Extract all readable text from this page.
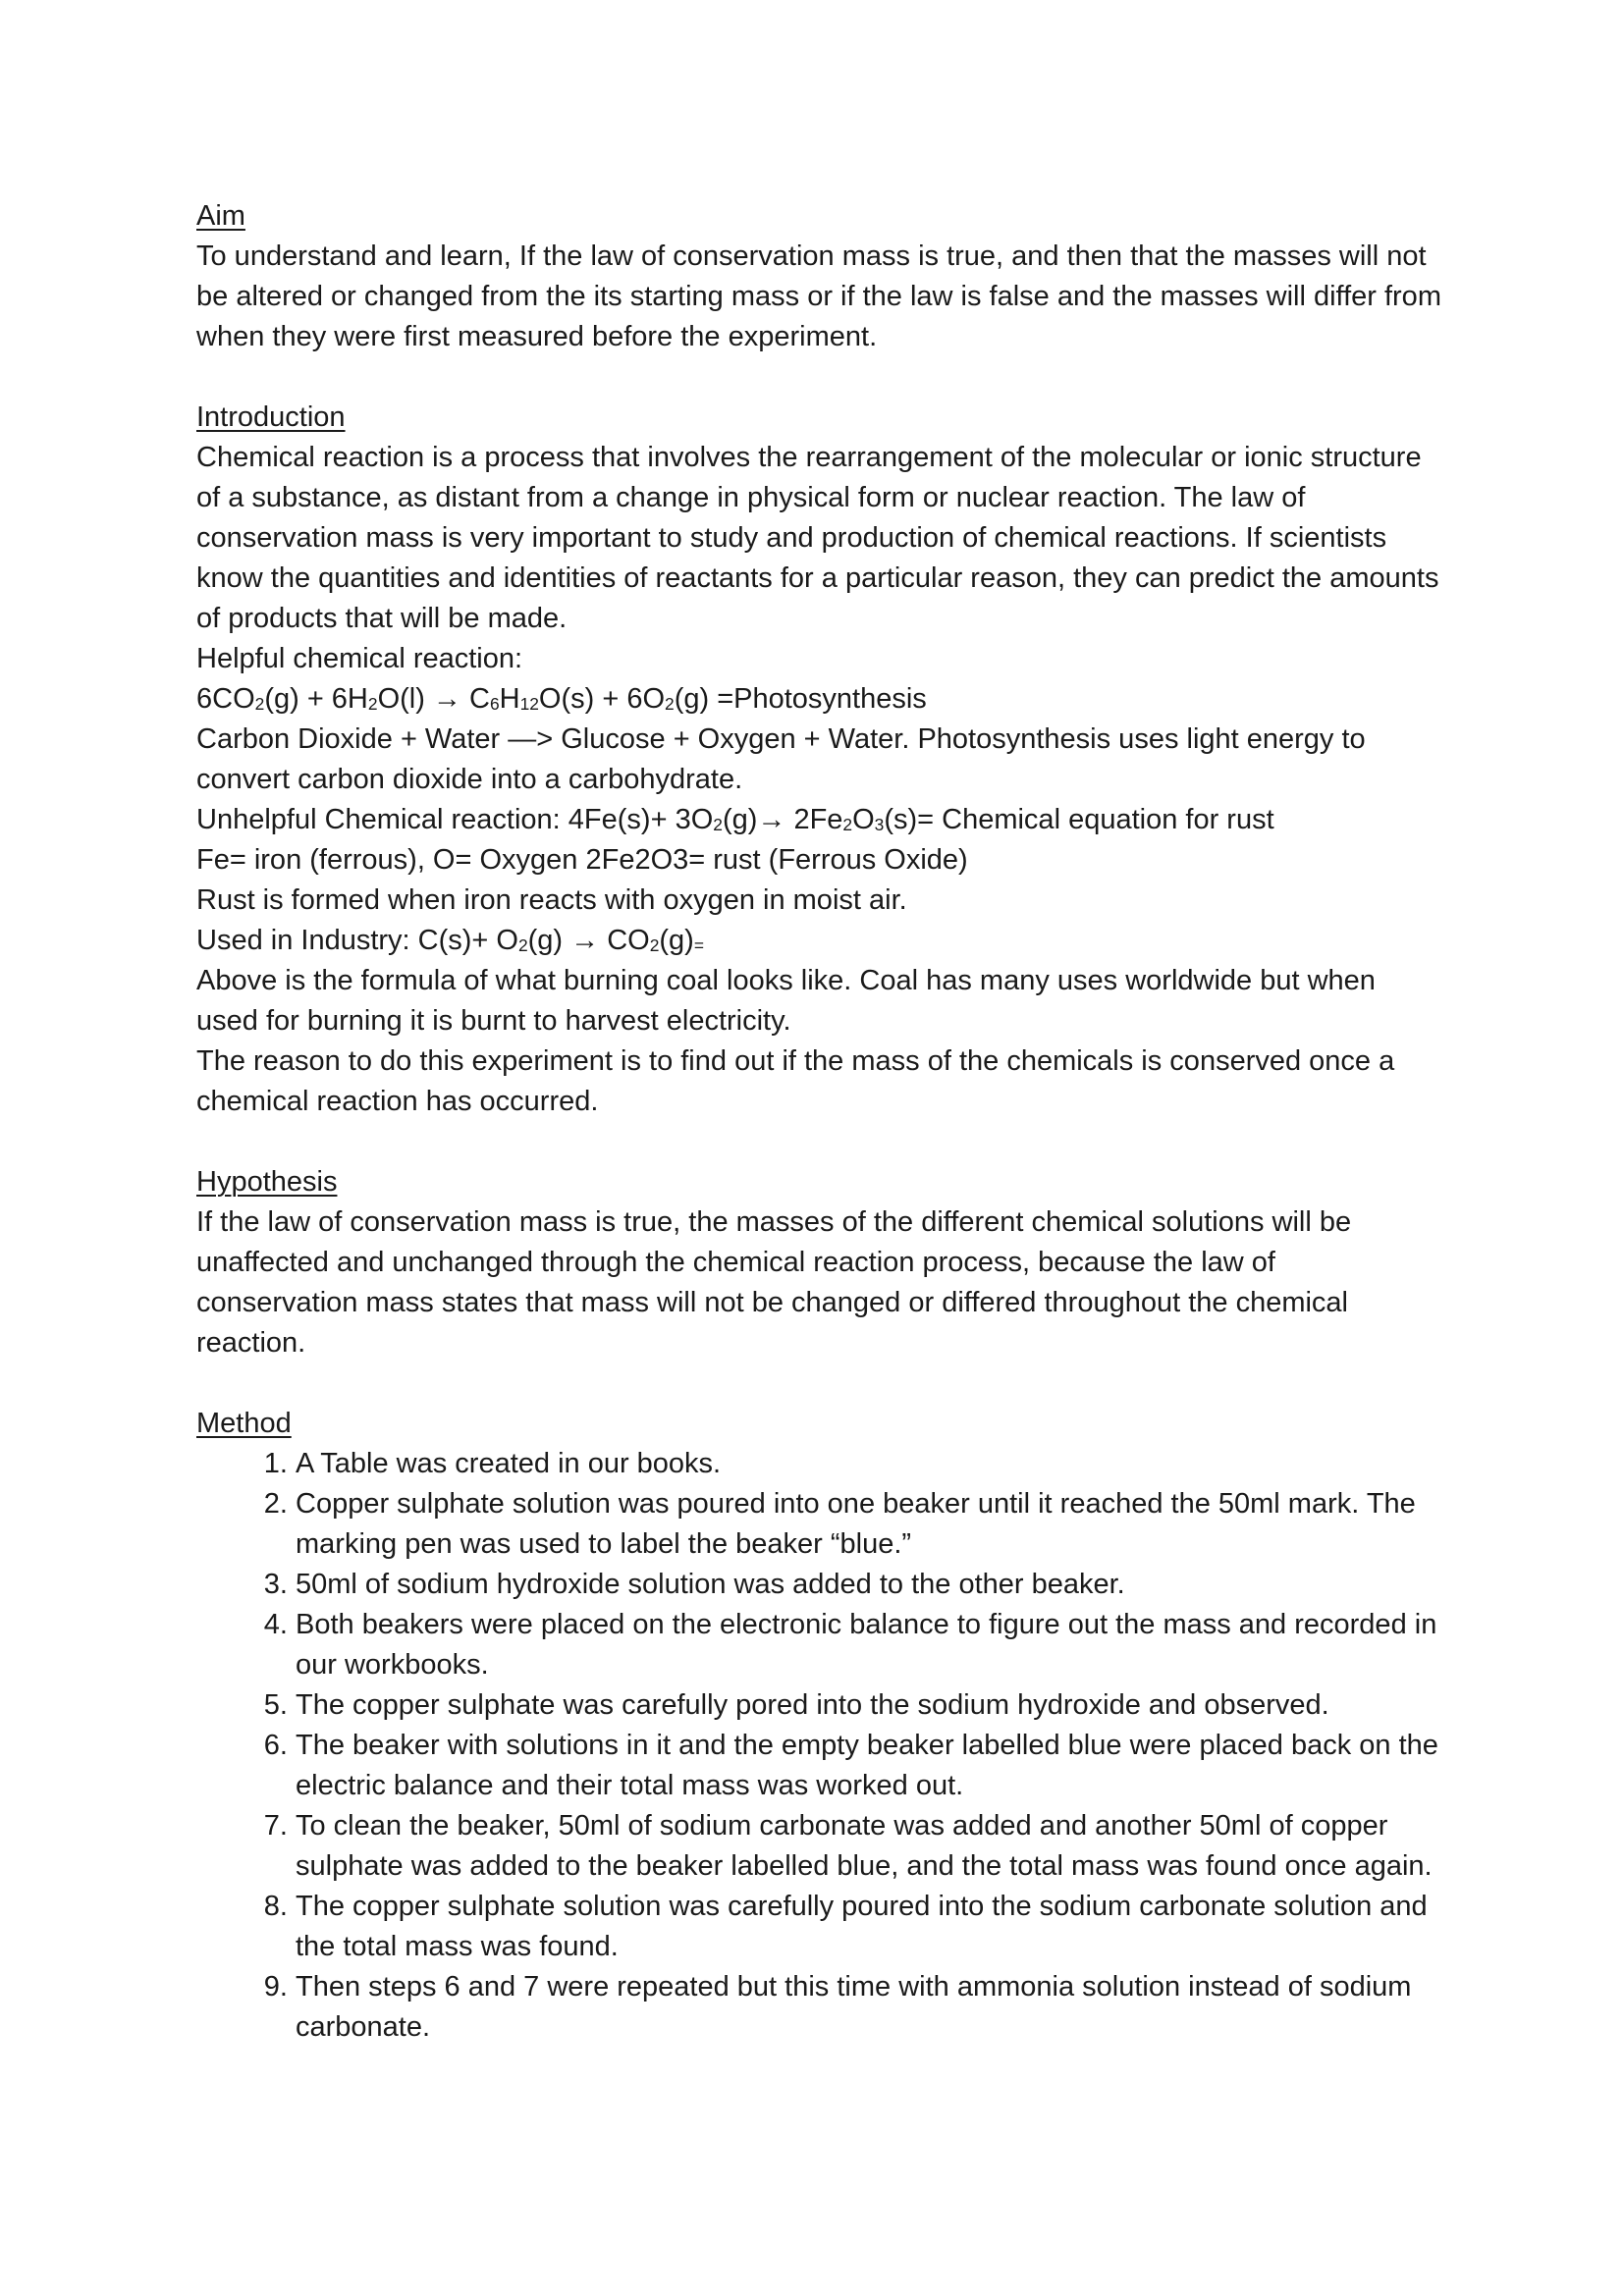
Aim

To understand and learn, If the law of conservation mass is true, and then that the masses will not be altered or changed from the its starting mass or if the law is false and the masses will differ from when they were first measured before the experiment.

Introduction

Chemical reaction is a process that involves the rearrangement of the molecular or ionic structure of a substance, as distant from a change in physical form or nuclear reaction. The law of conservation mass is very important to study and production of chemical reactions. If scientists know the quantities and identities of reactants for a particular reason, they can predict the amounts of products that will be made.

Helpful chemical reaction:

$6CO_2(g) + 6H_2O(l) \to C_6H_{12}O(s) + 6O_2(g)$ =Photosynthesis

Carbon Dioxide + Water —> Glucose + Oxygen + Water. Photosynthesis uses light energy to convert carbon dioxide into a carbohydrate.

Unhelpful Chemical reaction: $4Fe(s)+ 3O_2(g)\to 2Fe_2O_3(s)=$ Chemical equation for rust

Fe= iron (ferrous), O= Oxygen 2Fe2O3= rust (Ferrous Oxide)

Rust is formed when iron reacts with oxygen in moist air.

Used in Industry: $C(s)+ O_2(g) \to CO_2(g)_=$

Above is the formula of what burning coal looks like. Coal has many uses worldwide but when used for burning it is burnt to harvest electricity.

The reason to do this experiment is to find out if the mass of the chemicals is conserved once a chemical reaction has occurred.

Hypothesis

If the law of conservation mass is true, the masses of the different chemical solutions will be unaffected and unchanged through the chemical reaction process, because the law of conservation mass states that mass will not be changed or differed throughout the chemical reaction.

Method
1. A Table was created in our books.
2. Copper sulphate solution was poured into one beaker until it reached the 50ml mark. The marking pen was used to label the beaker “blue.”
3. 50ml of sodium hydroxide solution was added to the other beaker.
4. Both beakers were placed on the electronic balance to figure out the mass and recorded in our workbooks.
5. The copper sulphate was carefully pored into the sodium hydroxide and observed.
6. The beaker with solutions in it and the empty beaker labelled blue were placed back on the electric balance and their total mass was worked out.
7. To clean the beaker, 50ml of sodium carbonate was added and another 50ml of copper sulphate was added to the beaker labelled blue, and the total mass was found once again.
8. The copper sulphate solution was carefully poured into the sodium carbonate solution and the total mass was found.
9. Then steps 6 and 7 were repeated but this time with ammonia solution instead of sodium carbonate.
